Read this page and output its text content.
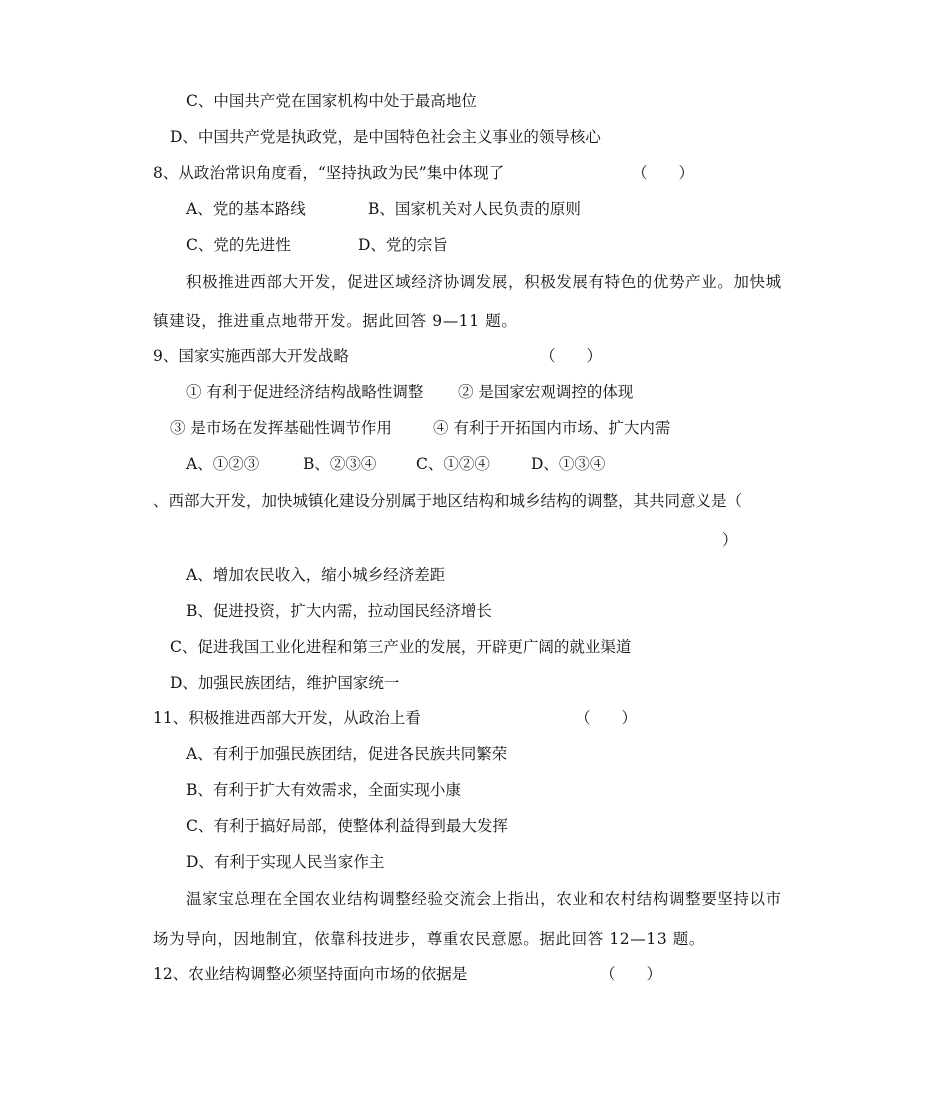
C、中国共产党在国家机构中处于最高地位
D、中国共产党是执政党，是中国特色社会主义事业的领导核心
8、从政治常识角度看，“坚持执政为民”集中体现了	（　　）
A、党的基本路线	B、国家机关对人民负责的原则
C、党的先进性	D、党的宗旨
积极推进西部大开发，促进区域经济协调发展，积极发展有特色的优势产业。加快城
镇建设，推进重点地带开发。据此回答 9—11 题。
9、国家实施西部大开发战略	（　　）
① 有利于促进经济结构战略性调整 ② 是国家宏观调控的体现
③ 是市场在发挥基础性调节作用	④ 有利于开拓国内市场、扩大内需
A、①②③	B、②③④	C、①②④	D、①③④
、西部大开发，加快城镇化建设分别属于地区结构和城乡结构的调整，其共同意义是（
）
A、增加农民收入，缩小城乡经济差距
B、促进投资，扩大内需，拉动国民经济增长
C、促进我国工业化进程和第三产业的发展，开辟更广阔的就业渠道
D、加强民族团结，维护国家统一
11、积极推进西部大开发，从政治上看	（　　）
A、有利于加强民族团结，促进各民族共同繁荣
B、有利于扩大有效需求，全面实现小康
C、有利于搞好局部，使整体利益得到最大发挥
D、有利于实现人民当家作主
温家宝总理在全国农业结构调整经验交流会上指出，农业和农村结构调整要坚持以市
场为导向，因地制宜，依靠科技进步，尊重农民意愿。据此回答 12—13 题。
12、农业结构调整必须坚持面向市场的依据是	（　　）
